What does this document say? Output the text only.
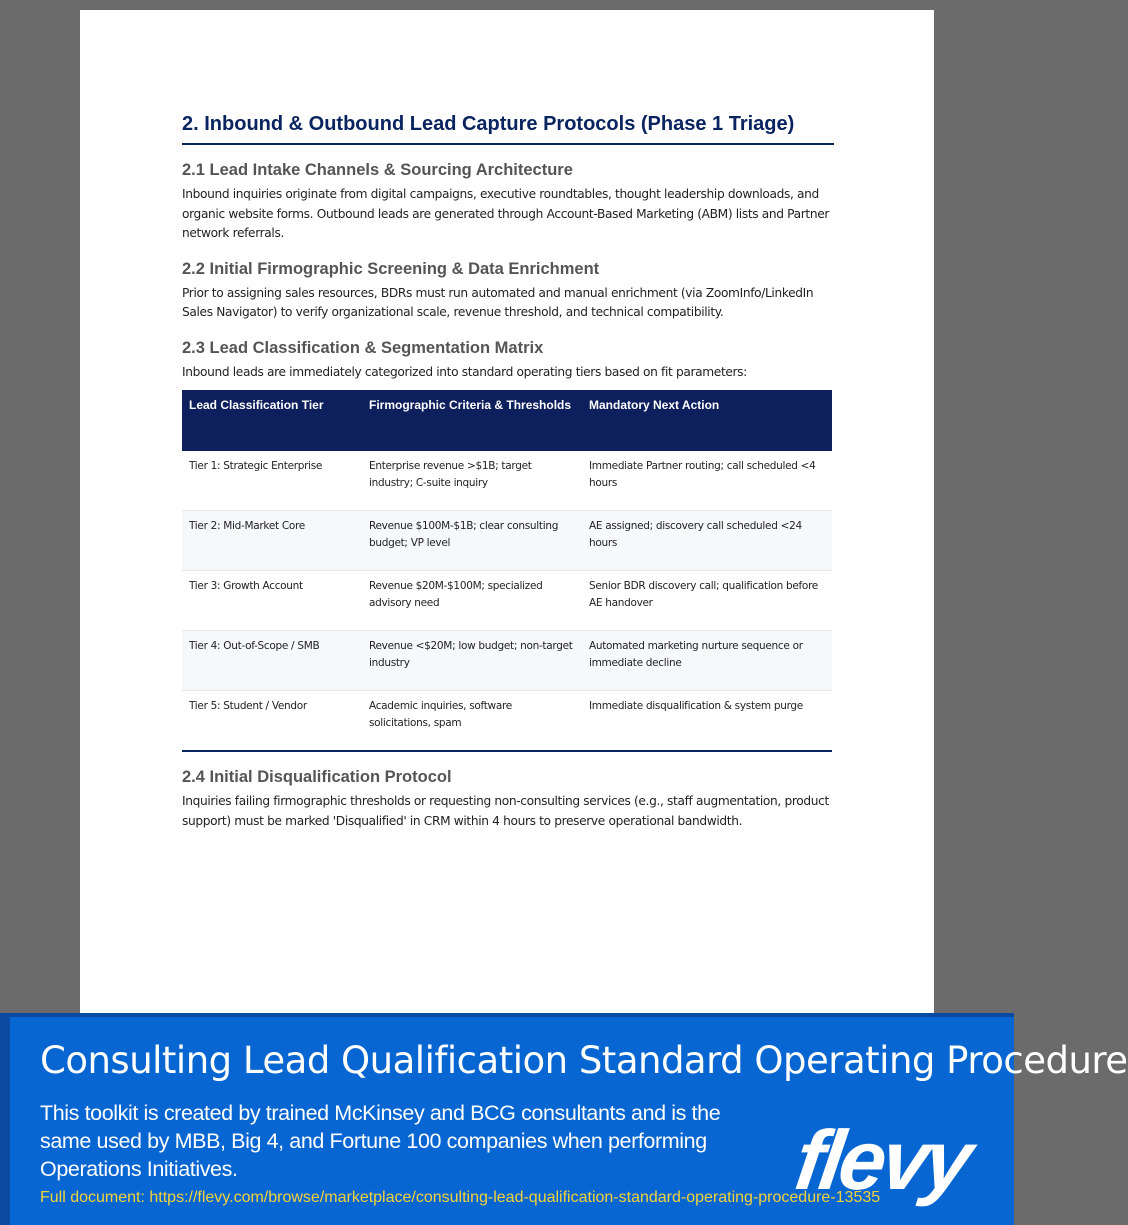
2. Inbound & Outbound Lead Capture Protocols (Phase 1 Triage)
2.1 Lead Intake Channels & Sourcing Architecture

Inbound inquiries originate from digital campaigns, executive roundtables, thought leadership downloads, and organic website forms. Outbound leads are generated through Account-Based Marketing (ABM) lists and Partner network referrals.

2.2 Initial Firmographic Screening & Data Enrichment

Prior to assigning sales resources, BDRs must run automated and manual enrichment (via ZoomInfo/LinkedIn Sales Navigator) to verify organizational scale, revenue threshold, and technical compatibility.

2.3 Lead Classification & Segmentation Matrix

Inbound leads are immediately categorized into standard operating tiers based on fit parameters:

Lead Classification Tier	Firmographic Criteria & Thresholds	Mandatory Next Action
Tier 1: Strategic Enterprise	Enterprise revenue >$1B; target industry; C-suite inquiry	Immediate Partner routing; call scheduled <4 hours
Tier 2: Mid-Market Core	Revenue $100M-$1B; clear consulting budget; VP level	AE assigned; discovery call scheduled <24 hours
Tier 3: Growth Account	Revenue $20M-$100M; specialized advisory need	Senior BDR discovery call; qualification before AE handover
Tier 4: Out-of-Scope / SMB	Revenue <$20M; low budget; non-target industry	Automated marketing nurture sequence or immediate decline
Tier 5: Student / Vendor	Academic inquiries, software solicitations, spam	Immediate disqualification & system purge
2.4 Initial Disqualification Protocol

Inquiries failing firmographic thresholds or requesting non-consulting services (e.g., staff augmentation, product support) must be marked 'Disqualified' in CRM within 4 hours to preserve operational bandwidth.

Consulting Lead Qualification Standard Operating Procedure
This toolkit is created by trained McKinsey and BCG consultants and is the same used by MBB, Big 4, and Fortune 100 companies when performing Operations Initiatives.
Full document: https://flevy.com/browse/marketplace/consulting-lead-qualification-standard-operating-procedure-13535
flevy
